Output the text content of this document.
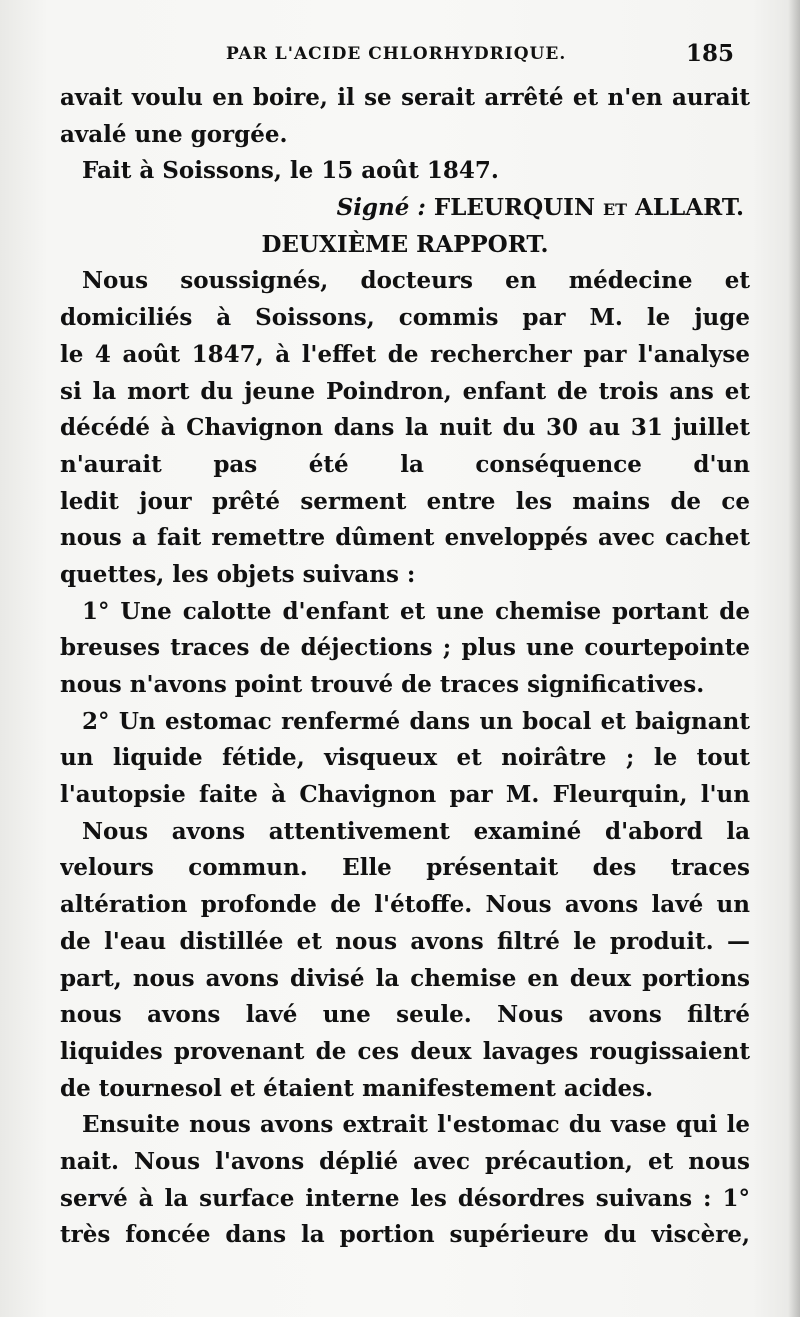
PAR L'ACIDE CHLORHYDRIQUE.	185
avait voulu en boire, il se serait arrêté et n'en aurait
avalé une gorgée.
Fait à Soissons, le 15 août 1847.
Signé : FLEURQUIN et ALLART.
DEUXIÈME RAPPORT.
Nous soussignés, docteurs en médecine et
domiciliés à Soissons, commis par M. le juge
le 4 août 1847, à l'effet de rechercher par l'analyse
si la mort du jeune Poindron, enfant de trois ans et
décédé à Chavignon dans la nuit du 30 au 31 juillet
n'aurait pas été la conséquence d'un
ledit jour prêté serment entre les mains de ce
nous a fait remettre dûment enveloppés avec cachet
quettes, les objets suivans :
1° Une calotte d'enfant et une chemise portant de
breuses traces de déjections ; plus une courtepointe
nous n'avons point trouvé de traces significatives.
2° Un estomac renfermé dans un bocal et baignant
un liquide fétide, visqueux et noirâtre ; le tout
l'autopsie faite à Chavignon par M. Fleurquin, l'un
Nous avons attentivement examiné d'abord la
velours commun. Elle présentait des traces
altération profonde de l'étoffe. Nous avons lavé un
de l'eau distillée et nous avons filtré le produit. —
part, nous avons divisé la chemise en deux portions
nous avons lavé une seule. Nous avons filtré
liquides provenant de ces deux lavages rougissaient
de tournesol et étaient manifestement acides.
Ensuite nous avons extrait l'estomac du vase qui le
nait. Nous l'avons déplié avec précaution, et nous
servé à la surface interne les désordres suivans : 1°
très foncée dans la portion supérieure du viscère,
